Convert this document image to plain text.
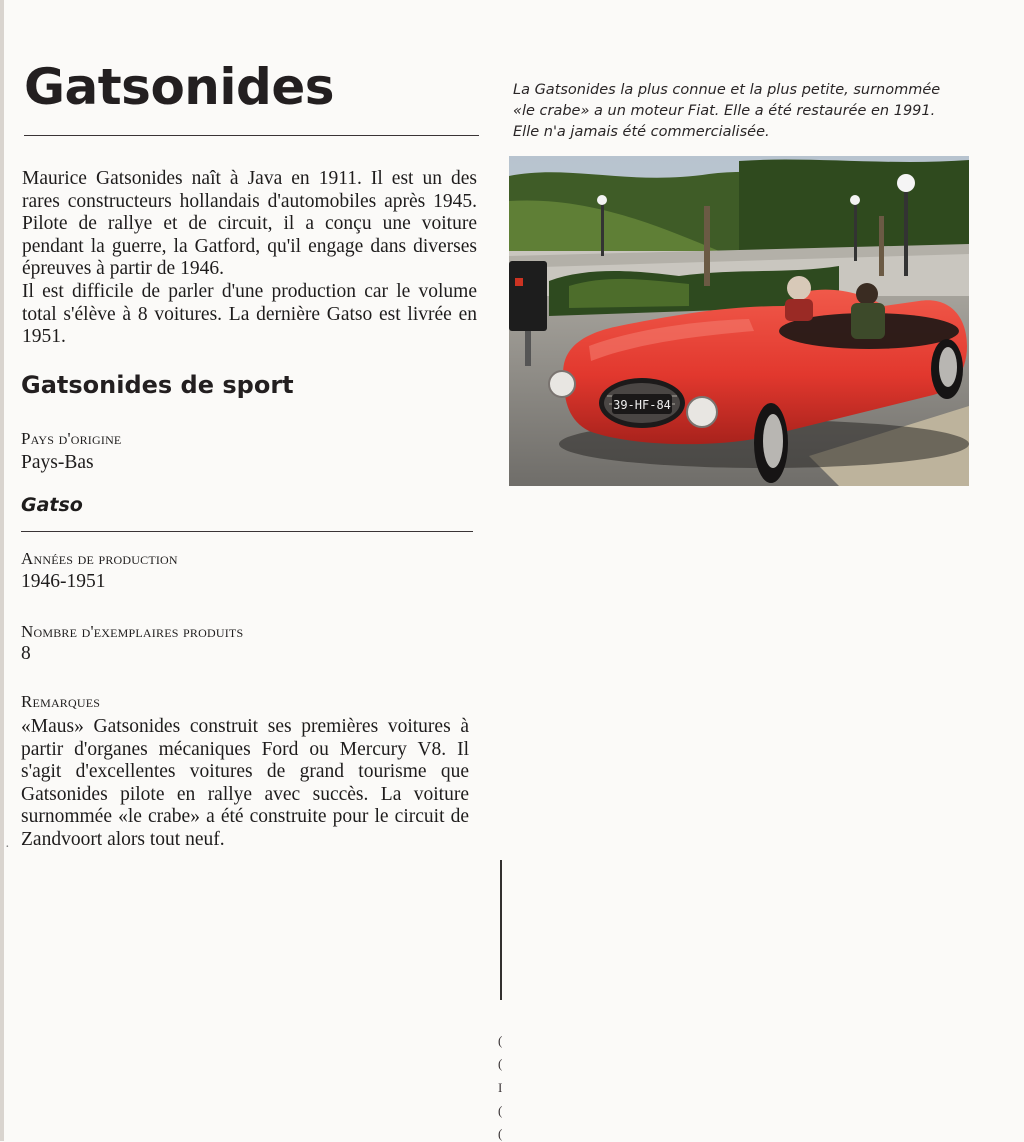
Gatsonides

Maurice Gatsonides naît à Java en 1911. Il est un des rares constructeurs hollandais d'automobiles après 1945. Pilote de rallye et de circuit, il a conçu une voiture pendant la guerre, la Gatford, qu'il engage dans diverses épreuves à partir de 1946.

Il est difficile de parler d'une production car le volume total s'élève à 8 voitures. La dernière Gatso est livrée en 1951.

Gatsonides de sport
Pays d'origine
Pays-Bas
Gatso
Années de production
1946-1951
Nombre d'exemplaires produits
8
Remarques

«Maus» Gatsonides construit ses premières voitures à partir d'organes mécaniques Ford ou Mercury V8. Il s'agit d'excellentes voitures de grand tourisme que Gatsonides pilote en rallye avec succès. La voiture surnommée «le crabe» a été construite pour le circuit de Zandvoort alors tout neuf.

·

La Gatsonides la plus connue et la plus petite, surnommée «le crabe» a un moteur Fiat. Elle a été restaurée en 1991. Elle n'a jamais été commercialisée.

39-HF-84
(
(
I
(
(
